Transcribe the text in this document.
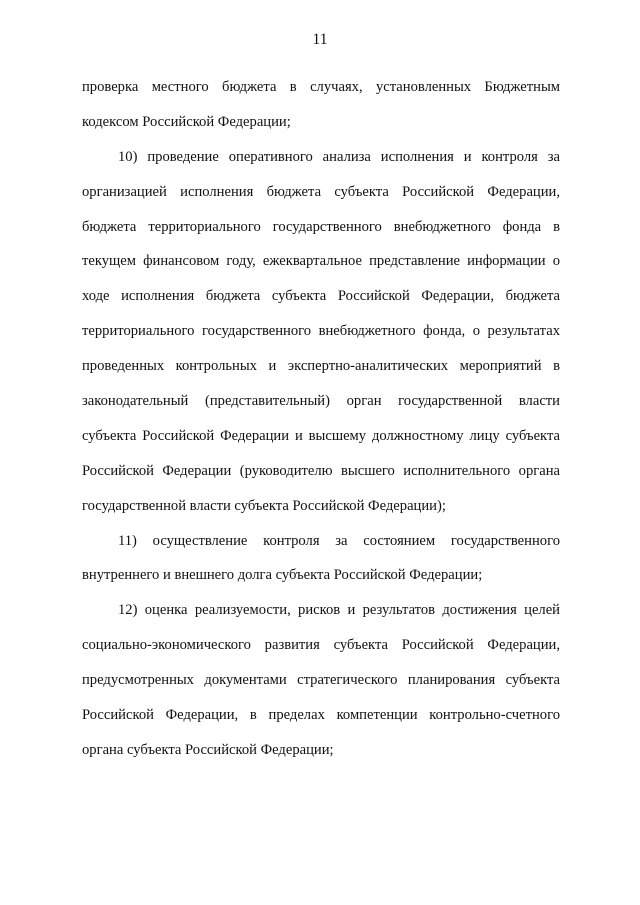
11
проверка местного бюджета в случаях, установленных Бюджетным
кодексом Российской Федерации;
10) проведение оперативного анализа исполнения и контроля за
организацией исполнения бюджета субъекта Российской Федерации,
бюджета территориального государственного внебюджетного фонда в
текущем финансовом году, ежеквартальное представление информации о
ходе исполнения бюджета субъекта Российской Федерации, бюджета
территориального государственного внебюджетного фонда, о результатах
проведенных контрольных и экспертно-аналитических мероприятий в
законодательный (представительный) орган государственной власти
субъекта Российской Федерации и высшему должностному лицу субъекта
Российской Федерации (руководителю высшего исполнительного органа
государственной власти субъекта Российской Федерации);
11) осуществление контроля за состоянием государственного
внутреннего и внешнего долга субъекта Российской Федерации;
12) оценка реализуемости, рисков и результатов достижения целей
социально-экономического развития субъекта Российской Федерации,
предусмотренных документами стратегического планирования субъекта
Российской Федерации, в пределах компетенции контрольно-счетного
органа субъекта Российской Федерации;
